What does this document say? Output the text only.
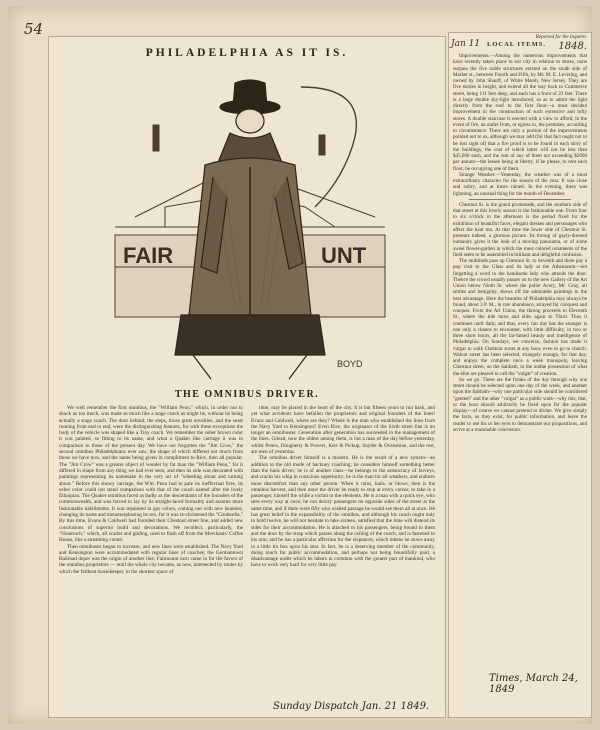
54
PHILADELPHIA AS IT IS.
FAIR	UNT
BOYD
THE OMNIBUS DRIVER.

We well remember the first omnibus, the "William Penn," which, in order not to shock us too much, was made as much like a stage coach as might be, without its being actually a stage coach. The door behind; the steps, those great novelties, and the seats running from end to end, were the distinguishing features, for with these exceptions the body of the vehicle was shaped like a Troy coach. We remember the sober brown color it was painted, so fitting to its name, and what a Quaker like carriage it was in comparison to those of the present day. We have not forgotten the "Jim Crow," the second omnibus Philadelphians ever saw, the shape of which differed not much from those we have now, and the name being given in compliment to Rice, then all popular. The "Jim Crow" was a greater object of wonder by far than the "William Penn," for it differed in shape from any thing we had ever seen, and then its side was decorated with paintings representing its namesake in the very act of "wheeling about and turning about." Before this showy carriage, the Wm. Penn had to pale its ineffectual fires, its sober color could not stand comparison with that of the couch named after the lively Ethiopian. The Quaker omnibus faced as badly as the descendants of the founders of the commonwealth, and was forced to lay by its straight-laced formality and assume more fashionable habiliments. It was repainted in gay colors, coming out with new beauties, changing its name and metamorphosing its sex, for it was re-christened the "Cinderella." By this time, Evans & Caldwell had founded their Chestnut street line, and added new conclusions of superior build and decorations. We recollect, particularly, the "Nonesuch," which, all scarlet and gilding, used to flash off from the Merchants' Coffee House, like a streaming comet.

Then omnibuses began to increase, and new lines were established. The Navy Yard and Kensington were accommodated with regular lines of coaches; the Germantown Railroad depot was the origin of another line; Fairmount next came in for the favors of the omnibus proprietors — until the whole city became, as now, intersected by routes by which the farthest housekeeper, in the shortest space of

time, may be placed in the heart of the city. It is but fifteen years to run back, and yet what accidents have befallen the proprietors and original founders of the lines! Evans and Caldwell, where are they? Where is the man who established the lines from the Navy Yard to Kensington? Even Rice, the originator of the Sixth street line is no longer an omnibuster. Generation after generation has succeeded in the management of the lines. Gilead, now the oldest among them, is but a man of the day before yesterday, whilst Peters, Dougherty & Powers, Kerr & Pickup, Snyder & Ovenshine, and the rest, are men of yesterday.

The omnibus driver himself is a modern. He is the result of a new system—an addition to the old mode of hackney coaching; he considers himself something better than the hack driver; he is of another class—he belongs to the aristocracy of Jarveys, and cracks his whip in conscious superiority; he is the man for all weathers, and endures more discomfort than any other person. When it rains, hails, or blows, then is the omnibus harvest, and then must the driver be ready to stop at every corner, to take in a passenger, himself the while a victim to the elements. He is a man with a quick eye, who sees every way at once; he can descry passengers on opposite sides of the street at the same time, and if there were fifty who wished passage he would see them all at once. He has great belief in the expansibility of the omnibus, and although his coach ought only to hold twelve, he will not hesitate to take sixteen, satisfied that the time will distend its sides for their accommodation. He is attached to his passengers, being bound to them and the door by the strap which passes along the ceiling of the coach, and is fastened to his arm; and he has a particular affection for the sixpences, which tokens he stows away in a little tin box upon his seat. In fact, he is a deserving member of the community, doing much for public accommodation, and perhaps not being bountifully paid, a disadvantage under which he labors in common with the greater part of mankind, who have to work very hard for very little pay.

Sunday Dispatch Jan. 21 1849.
Jan 11 LOCAL ITEMS.
Reported for the Inquirer.
1848.

Improvements.—Among the numerous improvements that have recently taken place in our city in relation to stores, none surpass the five noble structures erected on the south side of Market st., between Fourth and Fifth, by Mr. M. E. Levering, and owned by John Shauff, of White Marsh, New Jersey. They are five stories in height, and extend all the way back to Commerce street, being 111 feet deep, and each has a front of 22 feet. There is a large double sky-light introduced, so as to admit the light directly from the roof to the first floor—a most decided improvement in the construction of such extensive and lofty stores. A double staircase is erected with a view to afford, in the event of fire, an outlet from, or egress to, the premises, according to circumstance. There are only a portion of the improvements pointed out to us, although we may add (for that fact ought not to be lost sight of) that a fire proof is to be found in each story of the buildings, the cost of which latter will not be less than $45,000 each, and the rent of any of them not exceeding $2000 per annum—the lessee being at liberty, if he please, to rent each floor, he occupying one of them.

Strange Weather.—Yesterday, the weather was of a most extraordinary character for the season of the year. It was close and sultry, and at times rained. In the evening, there was lightning, an unusual thing for the month of December.

Chestnut St. is the grand promenade, and the southern side of that street at this lovely season is the fashionable one. From four to six o'clock in the afternoon is the period fixed for the exhibition of beautiful faces, elegant dresses and personages who affect the haut ton. At that time the lower side of Chestnut St. presents indeed, a glorious picture. Its throng of gayly-dressed humanity gives it the look of a moving panorama, or of some sweet flower-garden in which the most colored ornaments of the field seem to be assembled in brilliant and delightful confusion.

The multitude pass up Chestnut St. to Seventh and there pay a pop visit to the Glass and its lady at the Athenaeum—not forgetting a word to the handsome lady who attends the door. Thence the crowd usually passes on to the new Gallery of the Art Union below Ninth St. where the polite Acery, Mr. Gray, all smiles and benignity, shows off the admirable paintings to the best advantage. Here the beauties of Philadelphia may always be found, about 3 P. M., in rare abundance, arrayed for conquest and conquer. From the Art Union, the throng proceeds to Eleventh St., where the tide turns and ebbs again to Third. Thus it continues until dark; and thus, every fair day has the stranger is one only a chance to encounter, with little difficulty, in two or three short hours, all the far-famed beauty and intelligence of Philadelphia. On Sundays, we conceive, fashion has made it vulgar to walk Chestnut street at any hour, even to go to church. Walnut street has been selected, strangely enough, for that day, and enjoys the complete once a week monopoly, leaving Chestnut street, on the Sabbath, to the undue possession of what the élite are pleased to call the "vulgar" of creation.

So we go. These are the freaks of the day through why one street should be selected upon one day of the week, and another upon the Sabbath—why one particular side should be considered "genteel" and the other "vulgar" as a public walk—why this, that, or the hour should arbitrarily be fixed upon for the popular display—of course we cannot pretend to divine. We give simply the facts, as they exist, for public information, and leave the reader to use his or her eyes to demonstrate our propositions, and arrive at a reasonable conclusion.

Times, March 24, 1849
